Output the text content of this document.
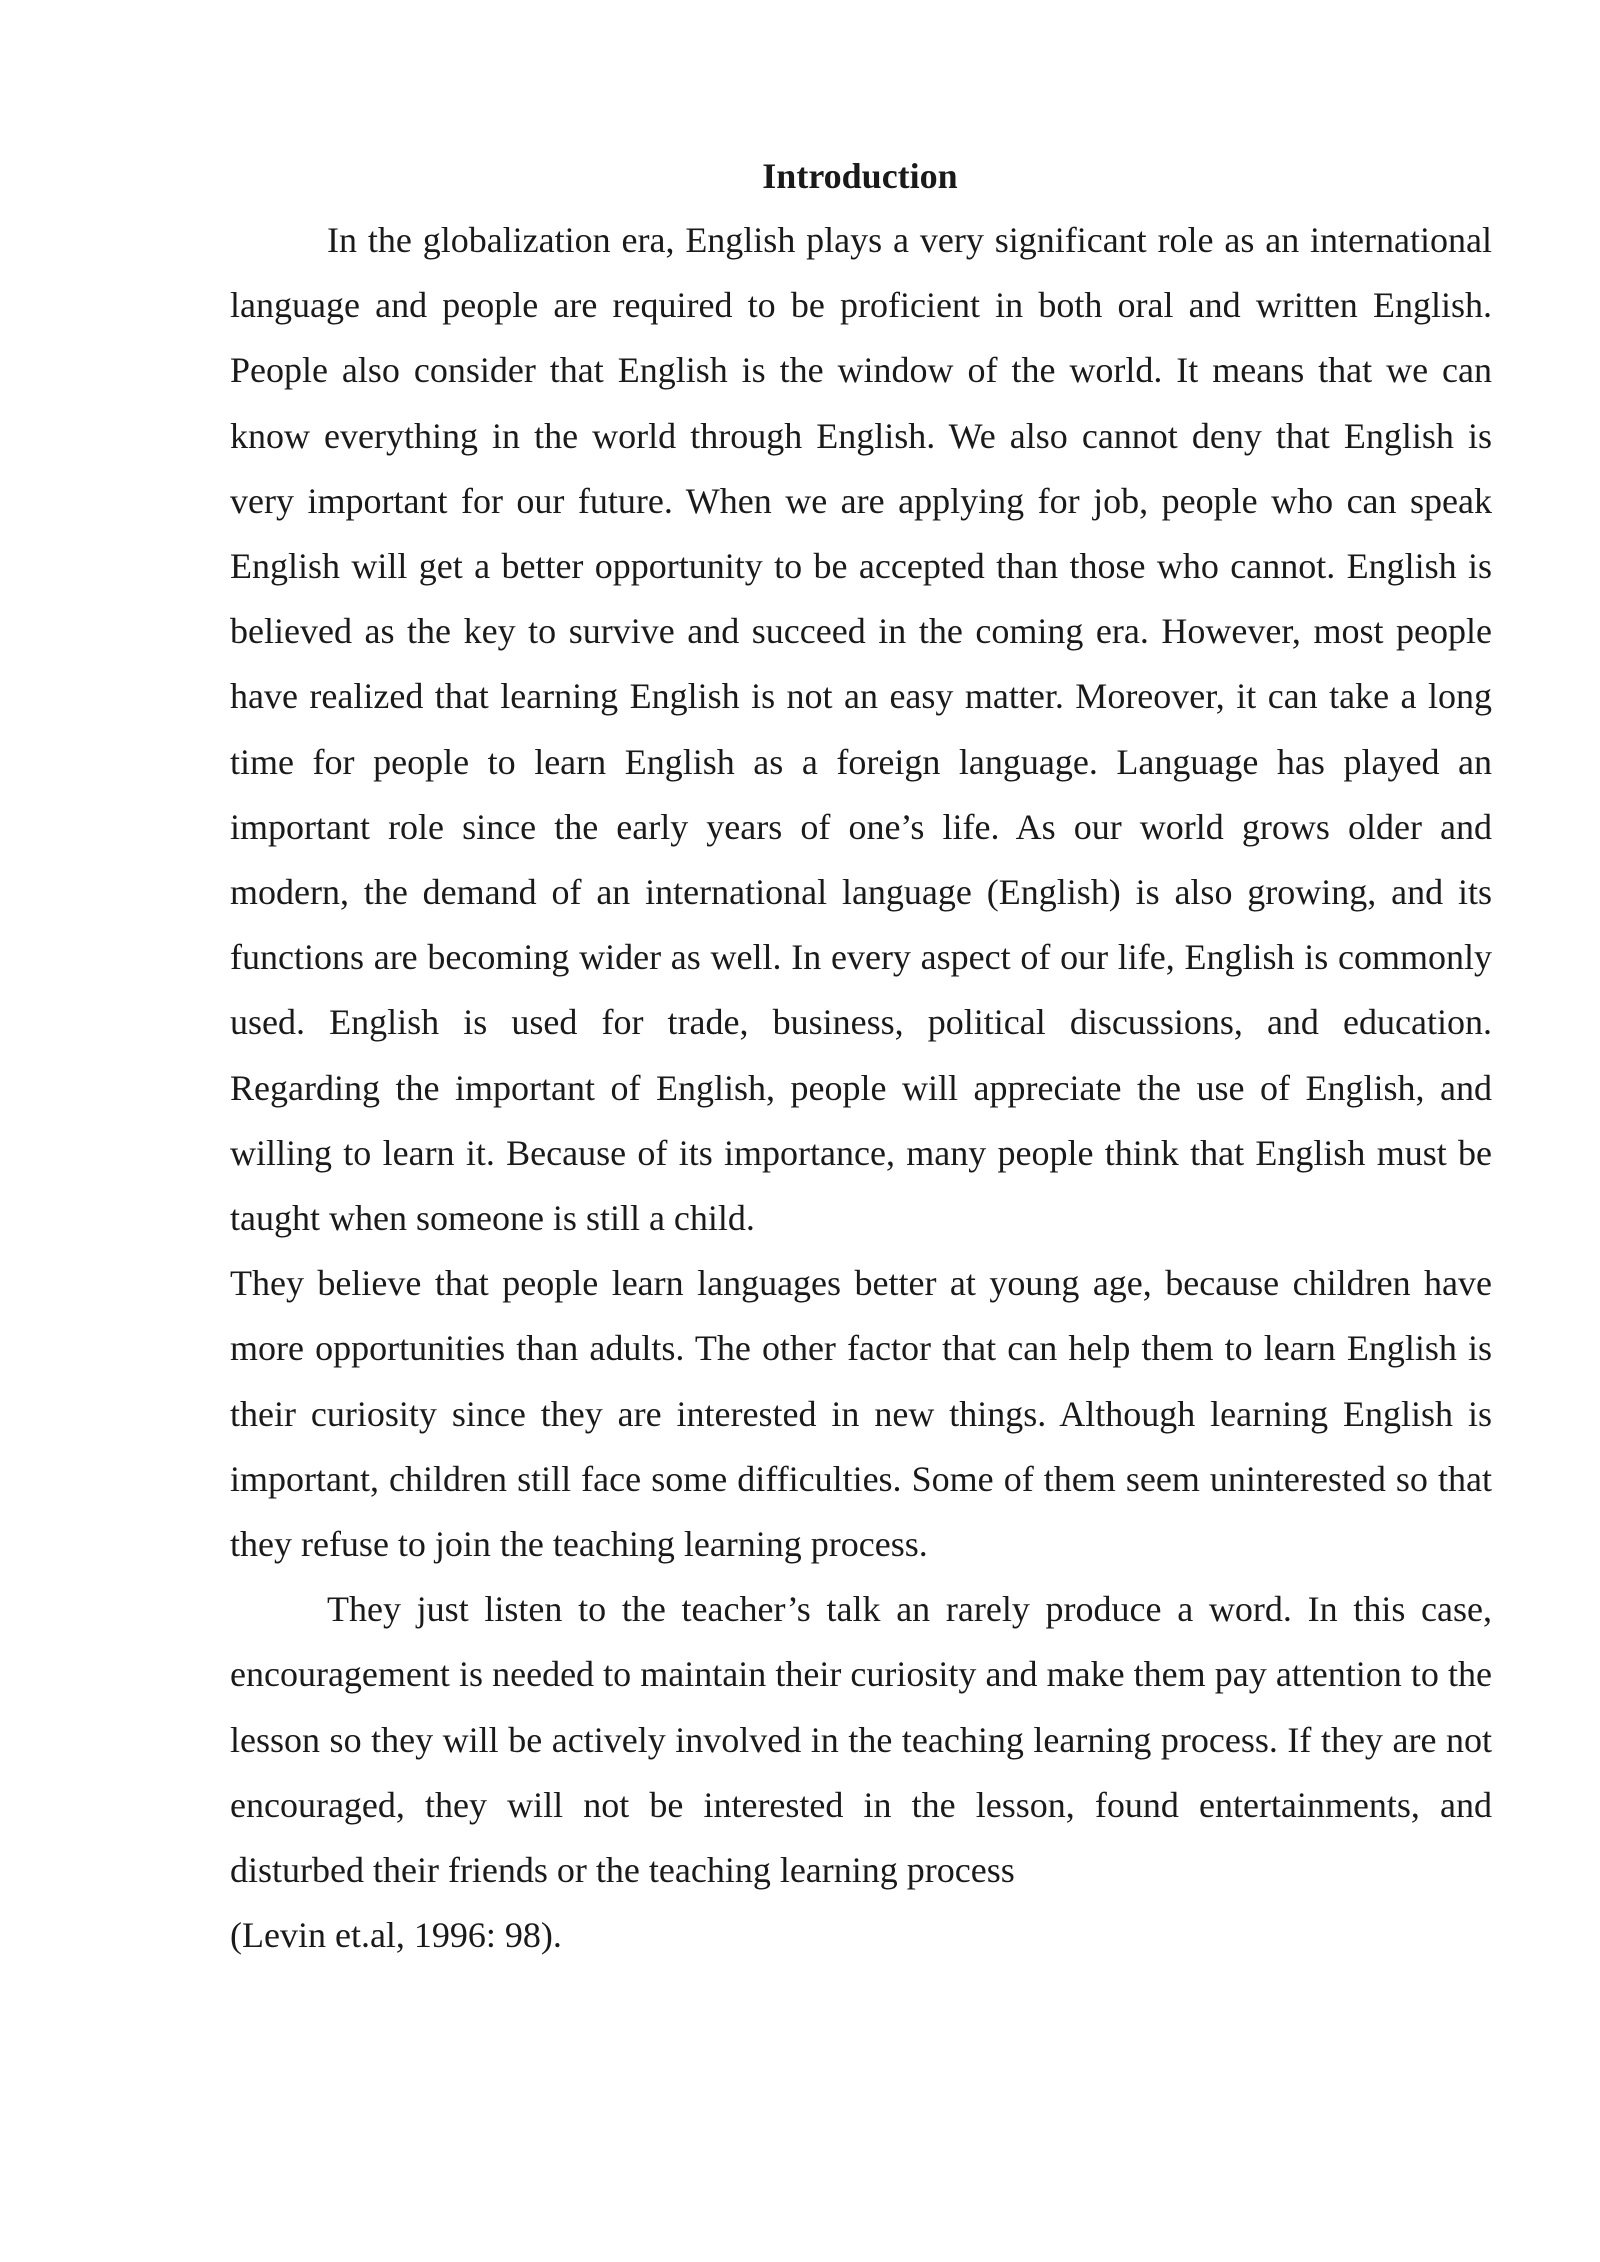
Introduction

In the globalization era, English plays a very significant role as an international language and people are required to be proficient in both oral and written English. People also consider that English is the window of the world. It means that we can know everything in the world through English. We also cannot deny that English is very important for our future. When we are applying for job, people who can speak English will get a better opportunity to be accepted than those who cannot. English is believed as the key to survive and succeed in the coming era. However, most people have realized that learning English is not an easy matter. Moreover, it can take a long time for people to learn English as a foreign language. Language has played an important role since the early years of one’s life. As our world grows older and modern, the demand of an international language (English) is also growing, and its functions are becoming wider as well. In every aspect of our life, English is commonly used. English is used for trade, business, political discussions, and education. Regarding the important of English, people will appreciate the use of English, and willing to learn it. Because of its importance, many people think that English must be taught when someone is still a child.

They believe that people learn languages better at young age, because children have more opportunities than adults. The other factor that can help them to learn English is their curiosity since they are interested in new things. Although learning English is important, children still face some difficulties. Some of them seem uninterested so that they refuse to join the teaching learning process.

They just listen to the teacher’s talk an rarely produce a word. In this case, encouragement is needed to maintain their curiosity and make them pay attention to the lesson so they will be actively involved in the teaching learning process. If they are not encouraged, they will not be interested in the lesson, found entertainments, and disturbed their friends or the teaching learning process

(Levin et.al, 1996: 98).
